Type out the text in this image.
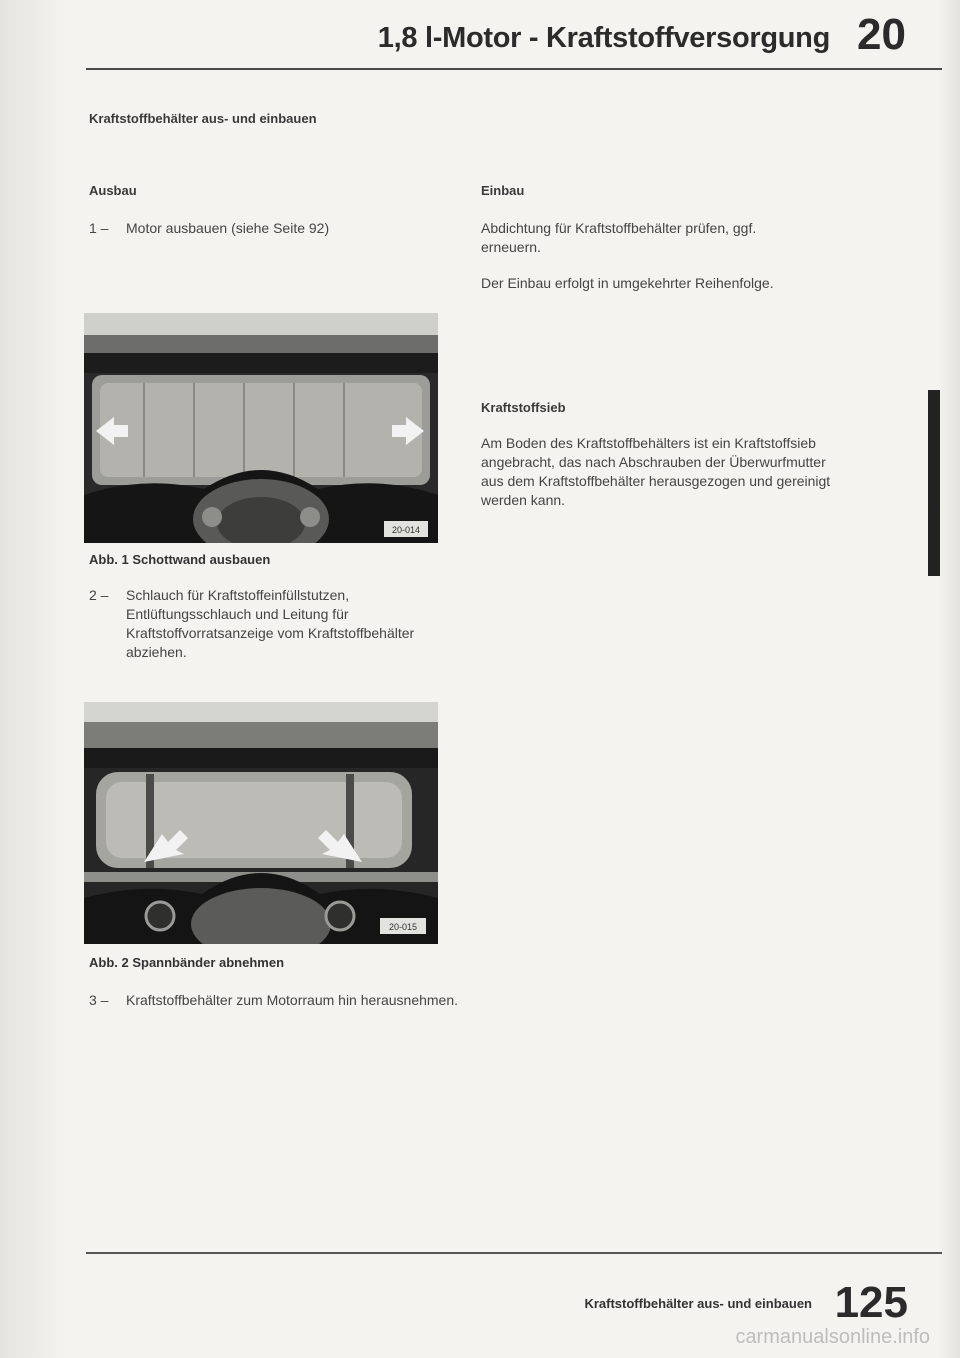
1,8 l-Motor - Kraftstoffversorgung 20
Kraftstoffbehälter aus- und einbauen
Ausbau
1 –	Motor ausbauen (siehe Seite 92)
20-014
Abb. 1 Schottwand ausbauen
2 –	Schlauch für Kraftstoffeinfüllstutzen, Entlüftungsschlauch und Leitung für Kraftstoffvorratsanzeige vom Kraftstoffbehälter abziehen.
20-015
Abb. 2 Spannbänder abnehmen
3 –	Kraftstoffbehälter zum Motorraum hin herausnehmen.
Einbau
Abdichtung für Kraftstoffbehälter prüfen, ggf. erneuern.
Der Einbau erfolgt in umgekehrter Reihenfolge.
Kraftstoffsieb
Am Boden des Kraftstoffbehälters ist ein Kraftstoffsieb angebracht, das nach Abschrauben der Überwurfmutter aus dem Kraftstoffbehälter herausgezogen und gereinigt werden kann.
Kraftstoffbehälter aus- und einbauen 125
carmanualsonline.info
